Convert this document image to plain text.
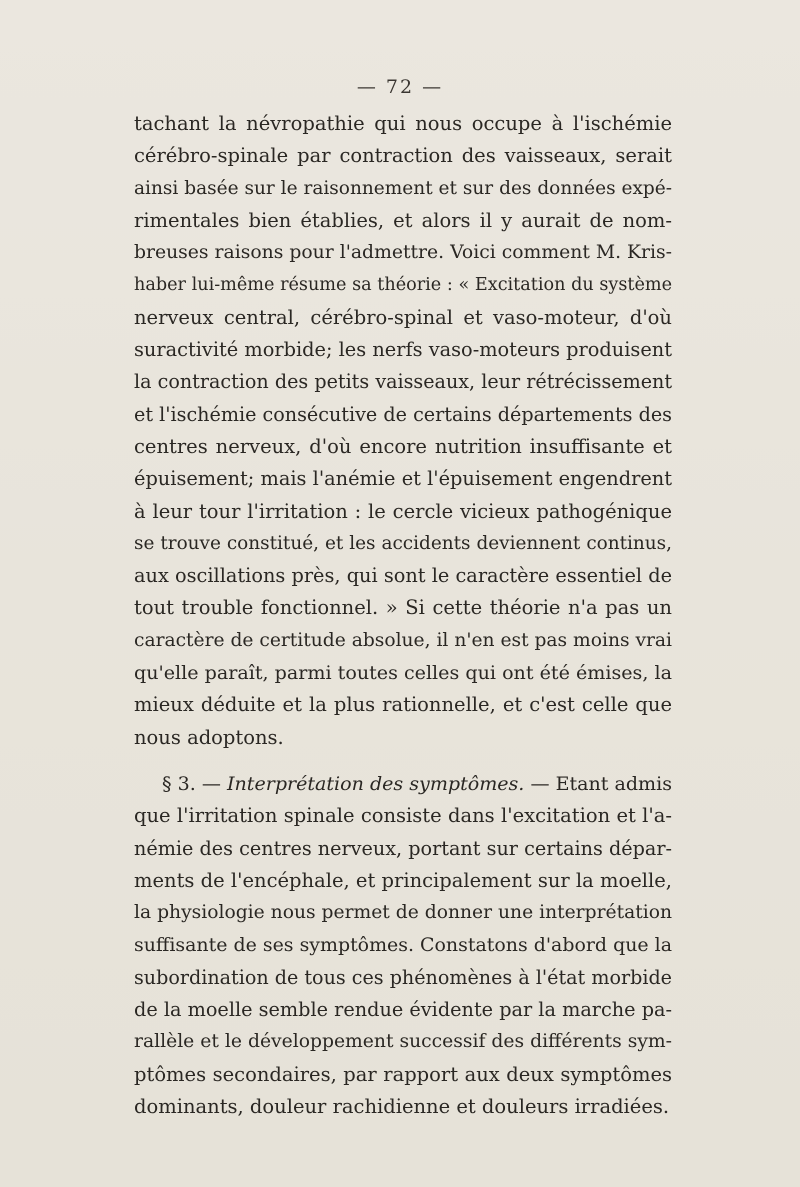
— 72 —
tachant la névropathie qui nous occupe à l'ischémie
cérébro-spinale par contraction des vaisseaux, serait
ainsi basée sur le raisonnement et sur des données expé-
rimentales bien établies, et alors il y aurait de nom-
breuses raisons pour l'admettre. Voici comment M. Kris-
haber lui-même résume sa théorie : « Excitation du système
nerveux central, cérébro-spinal et vaso-moteur, d'où
suractivité morbide; les nerfs vaso-moteurs produisent
la contraction des petits vaisseaux, leur rétrécissement
et l'ischémie consécutive de certains départements des
centres nerveux, d'où encore nutrition insuffisante et
épuisement; mais l'anémie et l'épuisement engendrent
à leur tour l'irritation : le cercle vicieux pathogénique
se trouve constitué, et les accidents deviennent continus,
aux oscillations près, qui sont le caractère essentiel de
tout trouble fonctionnel. » Si cette théorie n'a pas un
caractère de certitude absolue, il n'en est pas moins vrai
qu'elle paraît, parmi toutes celles qui ont été émises, la
mieux déduite et la plus rationnelle, et c'est celle que
nous adoptons.
§ 3. — Interprétation des symptômes. — Etant admis
que l'irritation spinale consiste dans l'excitation et l'a-
némie des centres nerveux, portant sur certains dépar-
ments de l'encéphale, et principalement sur la moelle,
la physiologie nous permet de donner une interprétation
suffisante de ses symptômes. Constatons d'abord que la
subordination de tous ces phénomènes à l'état morbide
de la moelle semble rendue évidente par la marche pa-
rallèle et le développement successif des différents sym-
ptômes secondaires, par rapport aux deux symptômes
dominants, douleur rachidienne et douleurs irradiées.
